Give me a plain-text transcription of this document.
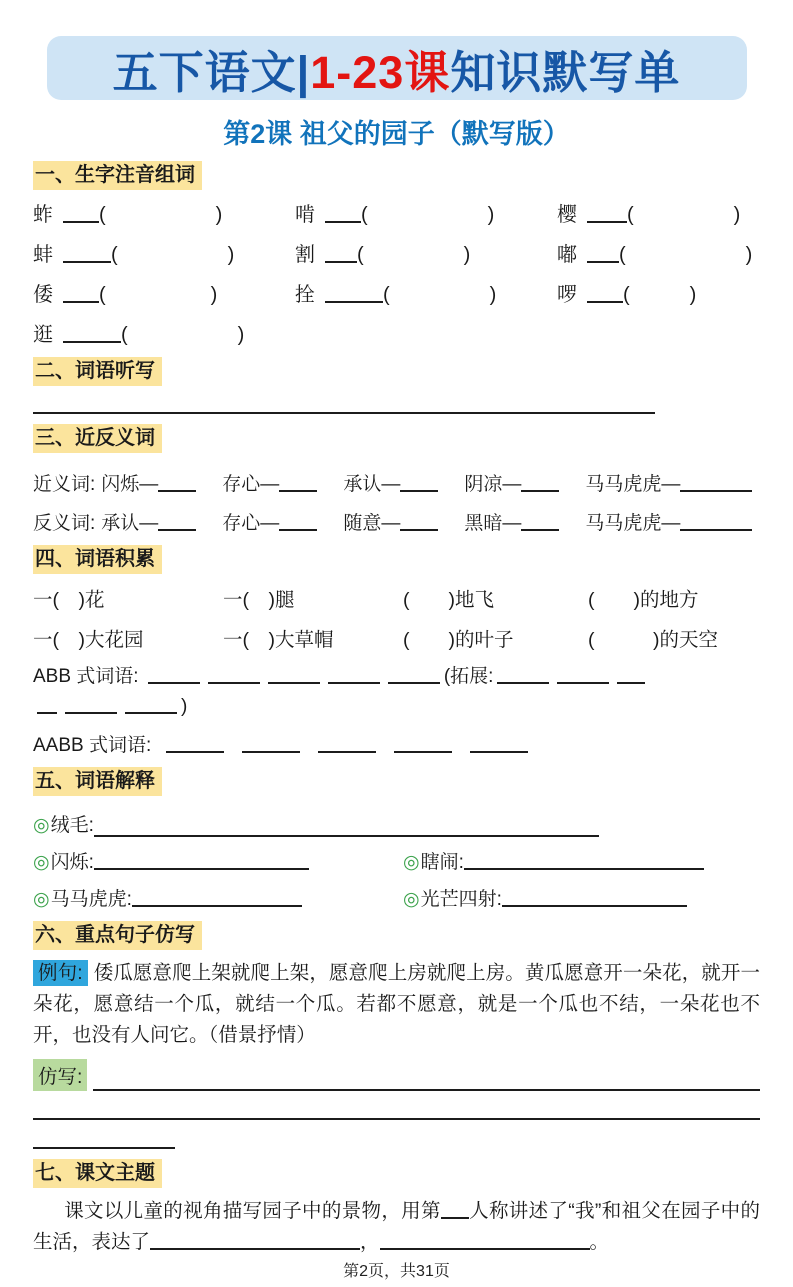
五下语文| 1-23课 知识默写单
第2课 祖父的园子（默写版）
一、生字注音组词
蚱 (	)	啃 (	)	樱	(	)
蚌	(	)	割 (	)	嘟 (	)
倭 (	)	拴	(	)	啰 (	)
逛	(	)
二、词语听写
三、近反义词
近义词: 闪烁—	存心—	承认—	阴凉—	马马虎虎—
反义词: 承认—	存心—	随意—	黑暗—	马马虎虎—
四、词语积累
一(　)花	一(　)腿	(　　)地飞	(　　)的地方
一(　)大花园	一(　)大草帽	(　　)的叶子	(　　　)的天空
ABB 式词语:	(拓展:
)
AABB 式词语:
五、词语解释
◎绒毛:
◎闪烁:	◎瞎闹:
◎马马虎虎:	◎光芒四射:
六、重点句子仿写
例句: 倭瓜愿意爬上架就爬上架，愿意爬上房就爬上房。黄瓜愿意开一朵花，就开一朵花，愿意结一个瓜，就结一个瓜。若都不愿意，就是一个瓜也不结，一朵花也不开，也没有人问它。（借景抒情）
仿写:
七、课文主题
课文以儿童的视角描写园子中的景物，用第 人称讲述了“我”和祖父在园子中的生活，表达了	，	。
第2页，共31页
